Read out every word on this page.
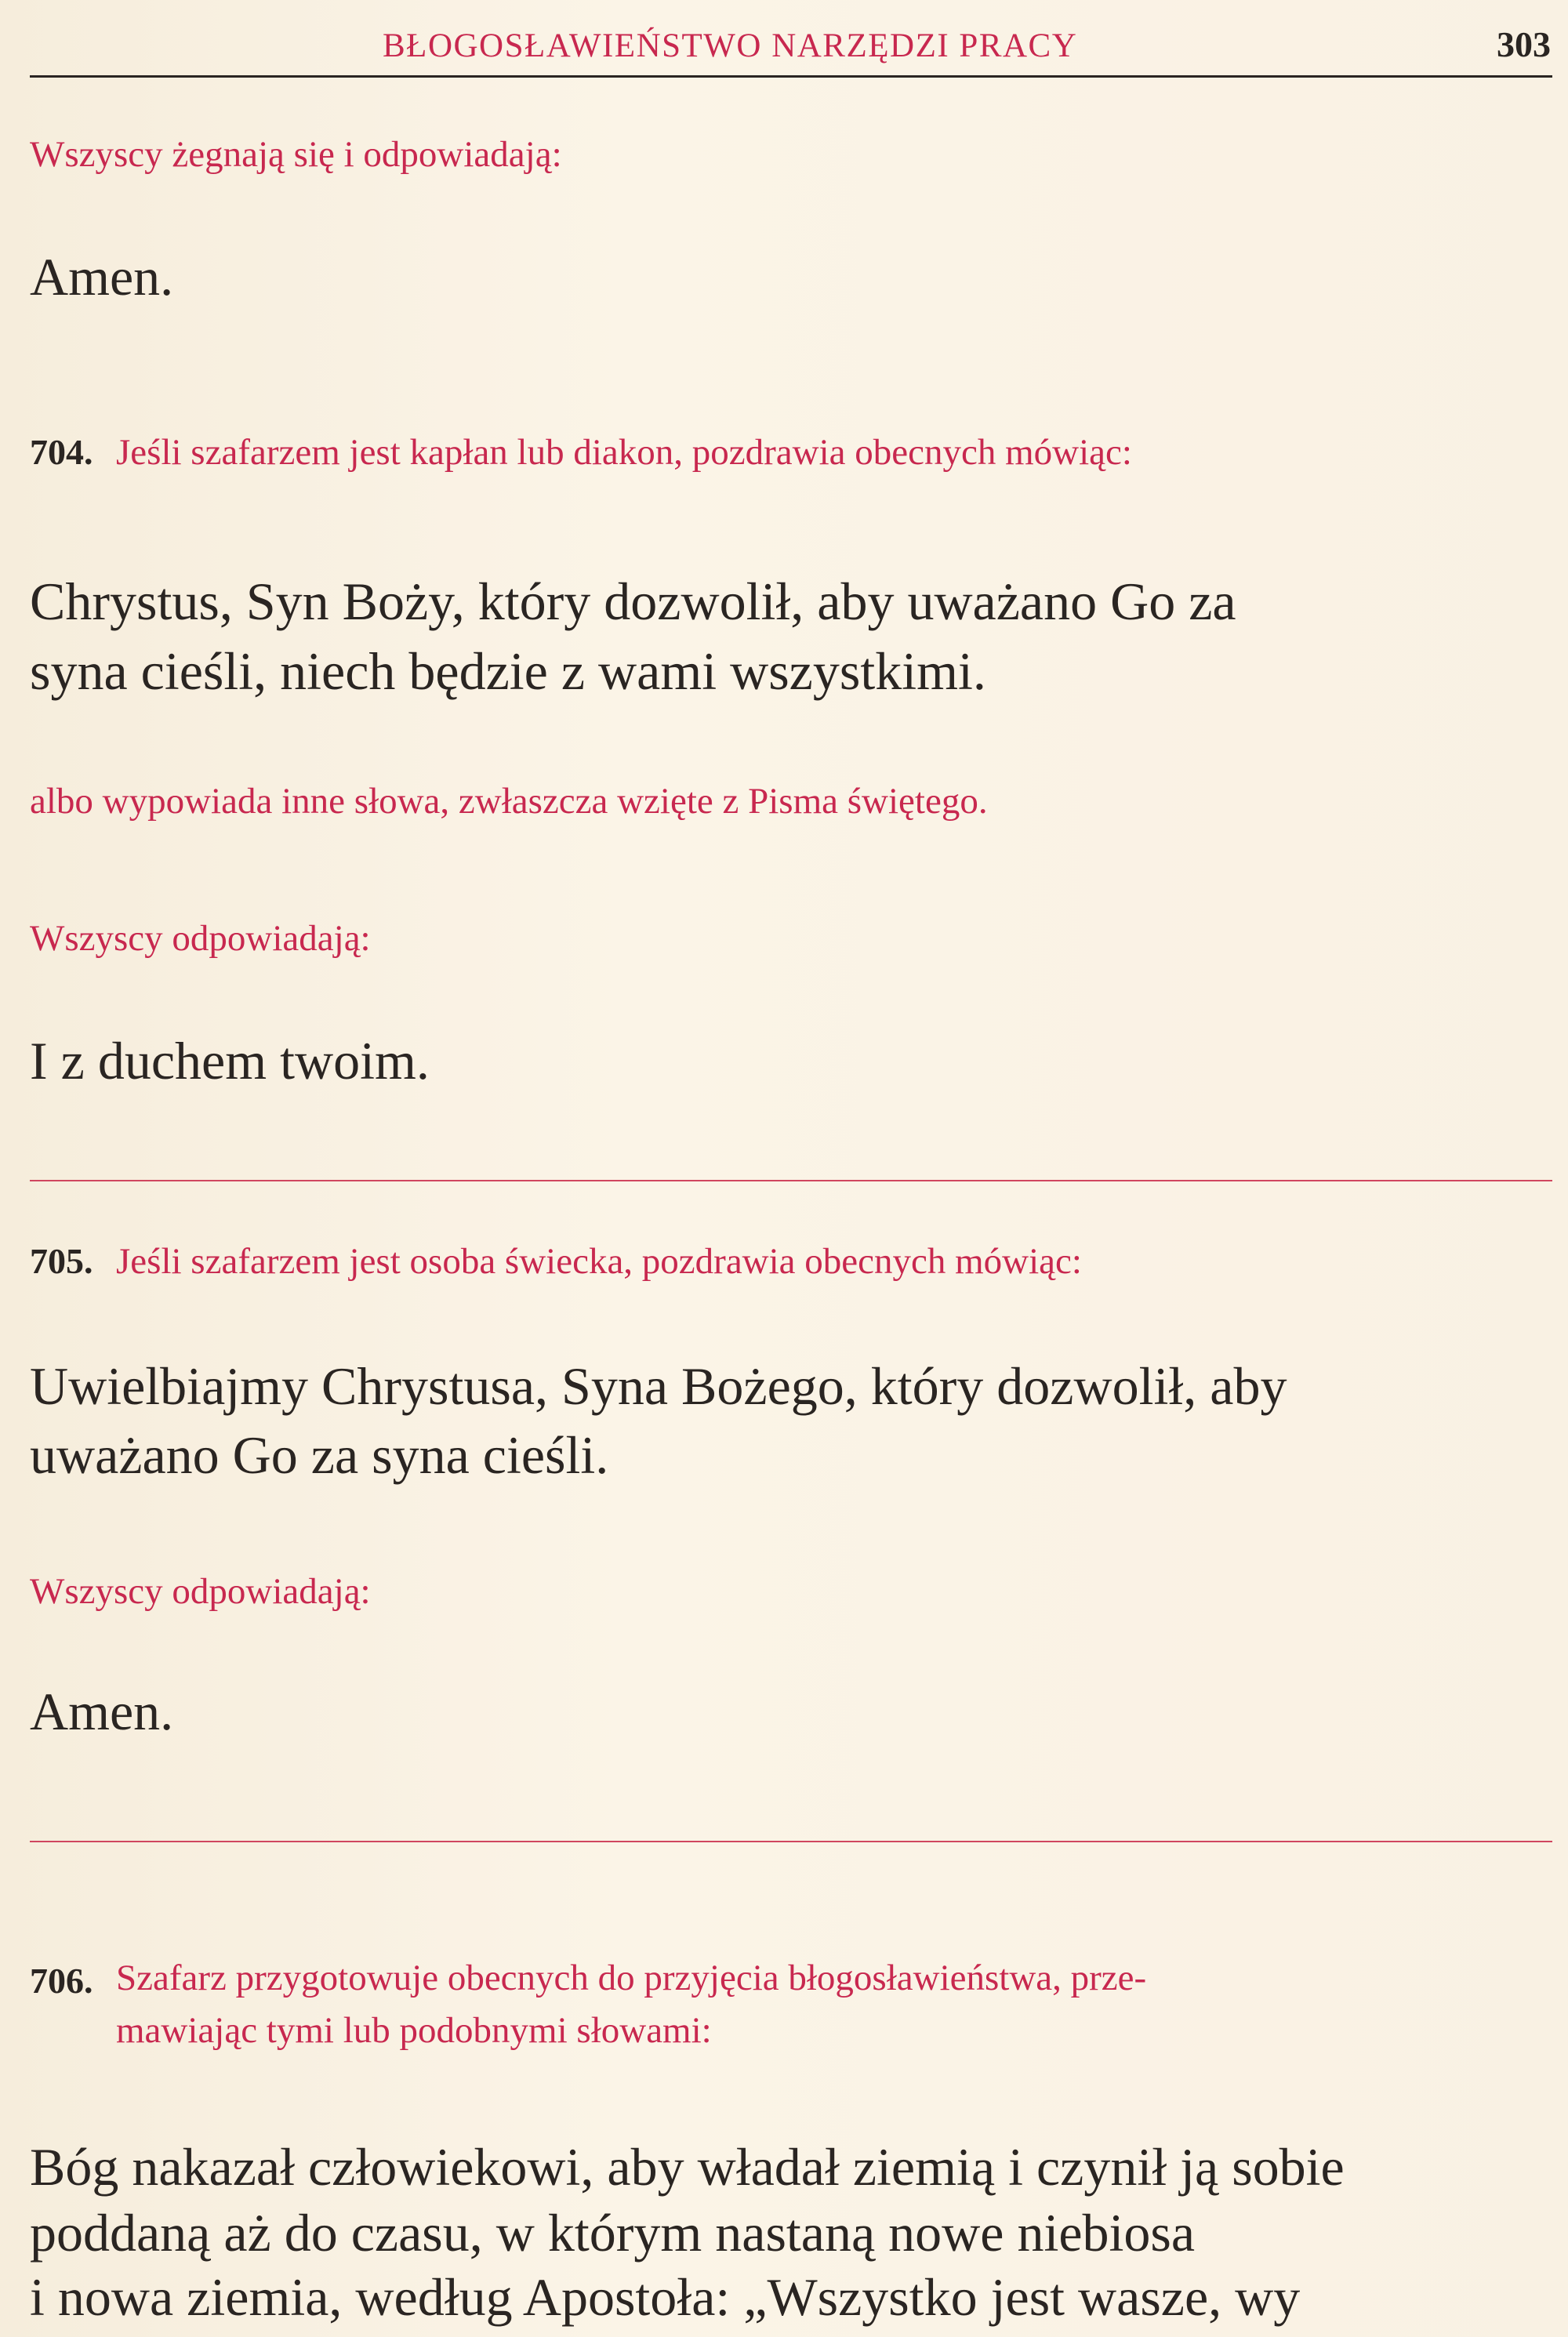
BŁOGOSŁAWIEŃSTWO NARZĘDZI PRACY	303
Wszyscy żegnają się i odpowiadają:
Amen.
704. Jeśli szafarzem jest kapłan lub diakon, pozdrawia obecnych mówiąc:
Chrystus, Syn Boży, który dozwolił, aby uważano Go za
syna cieśli, niech będzie z wami wszystkimi.
albo wypowiada inne słowa, zwłaszcza wzięte z Pisma świętego.
Wszyscy odpowiadają:
I z duchem twoim.
705. Jeśli szafarzem jest osoba świecka, pozdrawia obecnych mówiąc:
Uwielbiajmy Chrystusa, Syna Bożego, który dozwolił, aby
uważano Go za syna cieśli.
Wszyscy odpowiadają:
Amen.
706. Szafarz przygotowuje obecnych do przyjęcia błogosławieństwa, prze-
mawiając tymi lub podobnymi słowami:
Bóg nakazał człowiekowi, aby władał ziemią i czynił ją sobie
poddaną aż do czasu, w którym nastaną nowe niebiosa
i nowa ziemia, według Apostoła: „Wszystko jest wasze, wy
